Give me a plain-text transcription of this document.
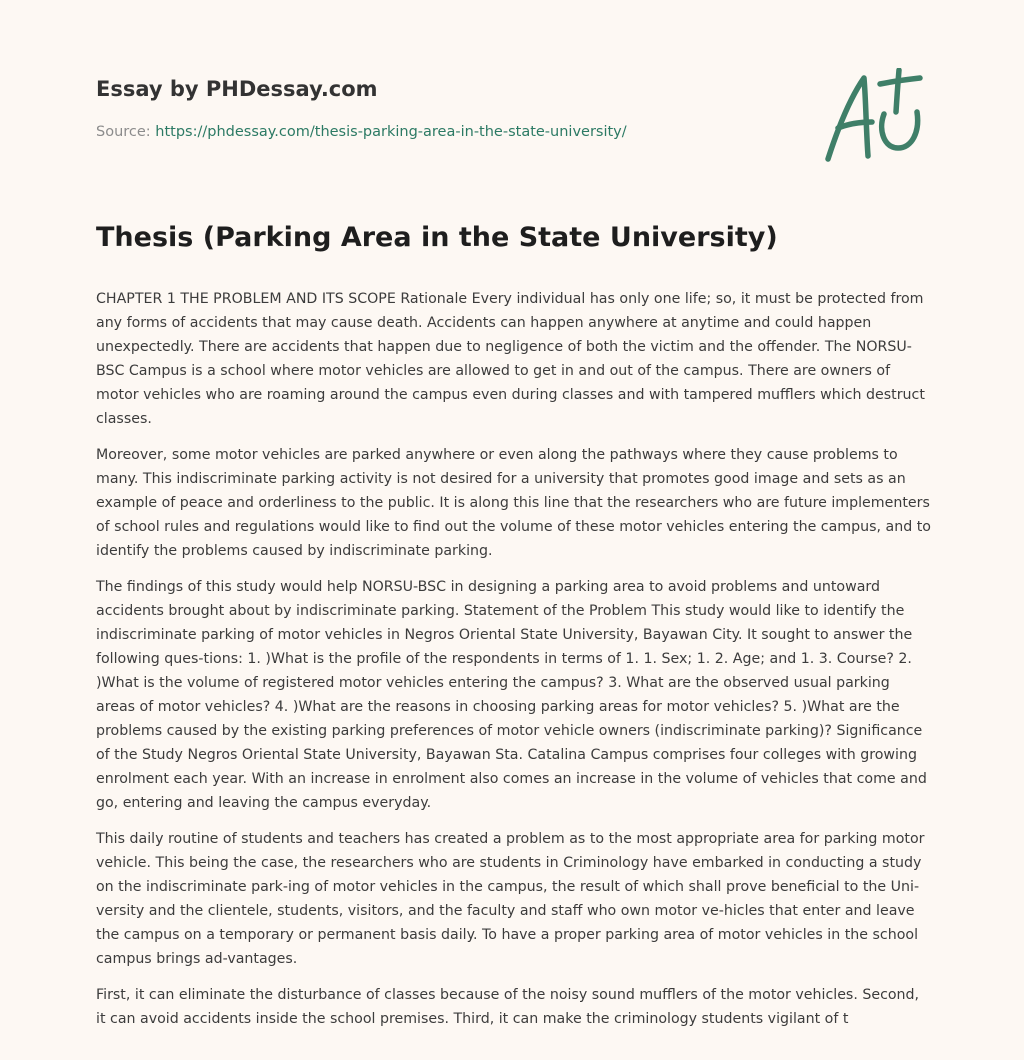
Essay by PHDessay.com
Source: https://phdessay.com/thesis-parking-area-in-the-state-university/
Thesis (Parking Area in the State University)

CHAPTER 1 THE PROBLEM AND ITS SCOPE Rationale Every individual has only one life; so, it must be protected from any forms of accidents that may cause death. Accidents can happen anywhere at anytime and could happen unexpectedly. There are accidents that happen due to negligence of both the victim and the offender. The NORSU-BSC Campus is a school where motor vehicles are allowed to get in and out of the campus. There are owners of motor vehicles who are roaming around the campus even during classes and with tampered mufflers which destruct classes.

Moreover, some motor vehicles are parked anywhere or even along the pathways where they cause problems to many. This indiscriminate parking activity is not desired for a university that promotes good image and sets as an example of peace and orderliness to the public. It is along this line that the researchers who are future implementers of school rules and regulations would like to find out the volume of these motor vehicles entering the campus, and to identify the problems caused by indiscriminate parking.

The findings of this study would help NORSU-BSC in designing a parking area to avoid problems and untoward accidents brought about by indiscriminate parking. Statement of the Problem This study would like to identify the indiscriminate parking of motor vehicles in Negros Oriental State University, Bayawan City. It sought to answer the following ques-tions: 1. )What is the profile of the respondents in terms of 1. 1. Sex; 1. 2. Age; and 1. 3. Course? 2. )What is the volume of registered motor vehicles entering the campus? 3. What are the observed usual parking areas of motor vehicles? 4. )What are the reasons in choosing parking areas for motor vehicles? 5. )What are the problems caused by the existing parking preferences of motor vehicle owners (indiscriminate parking)? Significance of the Study Negros Oriental State University, Bayawan Sta. Catalina Campus comprises four colleges with growing enrolment each year. With an increase in enrolment also comes an increase in the volume of vehicles that come and go, entering and leaving the campus everyday.

This daily routine of students and teachers has created a problem as to the most appropriate area for parking motor vehicle. This being the case, the researchers who are students in Criminology have embarked in conducting a study on the indiscriminate park-ing of motor vehicles in the campus, the result of which shall prove beneficial to the Uni-versity and the clientele, students, visitors, and the faculty and staff who own motor ve-hicles that enter and leave the campus on a temporary or permanent basis daily. To have a proper parking area of motor vehicles in the school campus brings ad-vantages.

First, it can eliminate the disturbance of classes because of the noisy sound mufflers of the motor vehicles. Second, it can avoid accidents inside the school premises. Third, it can make the criminology students vigilant of t
